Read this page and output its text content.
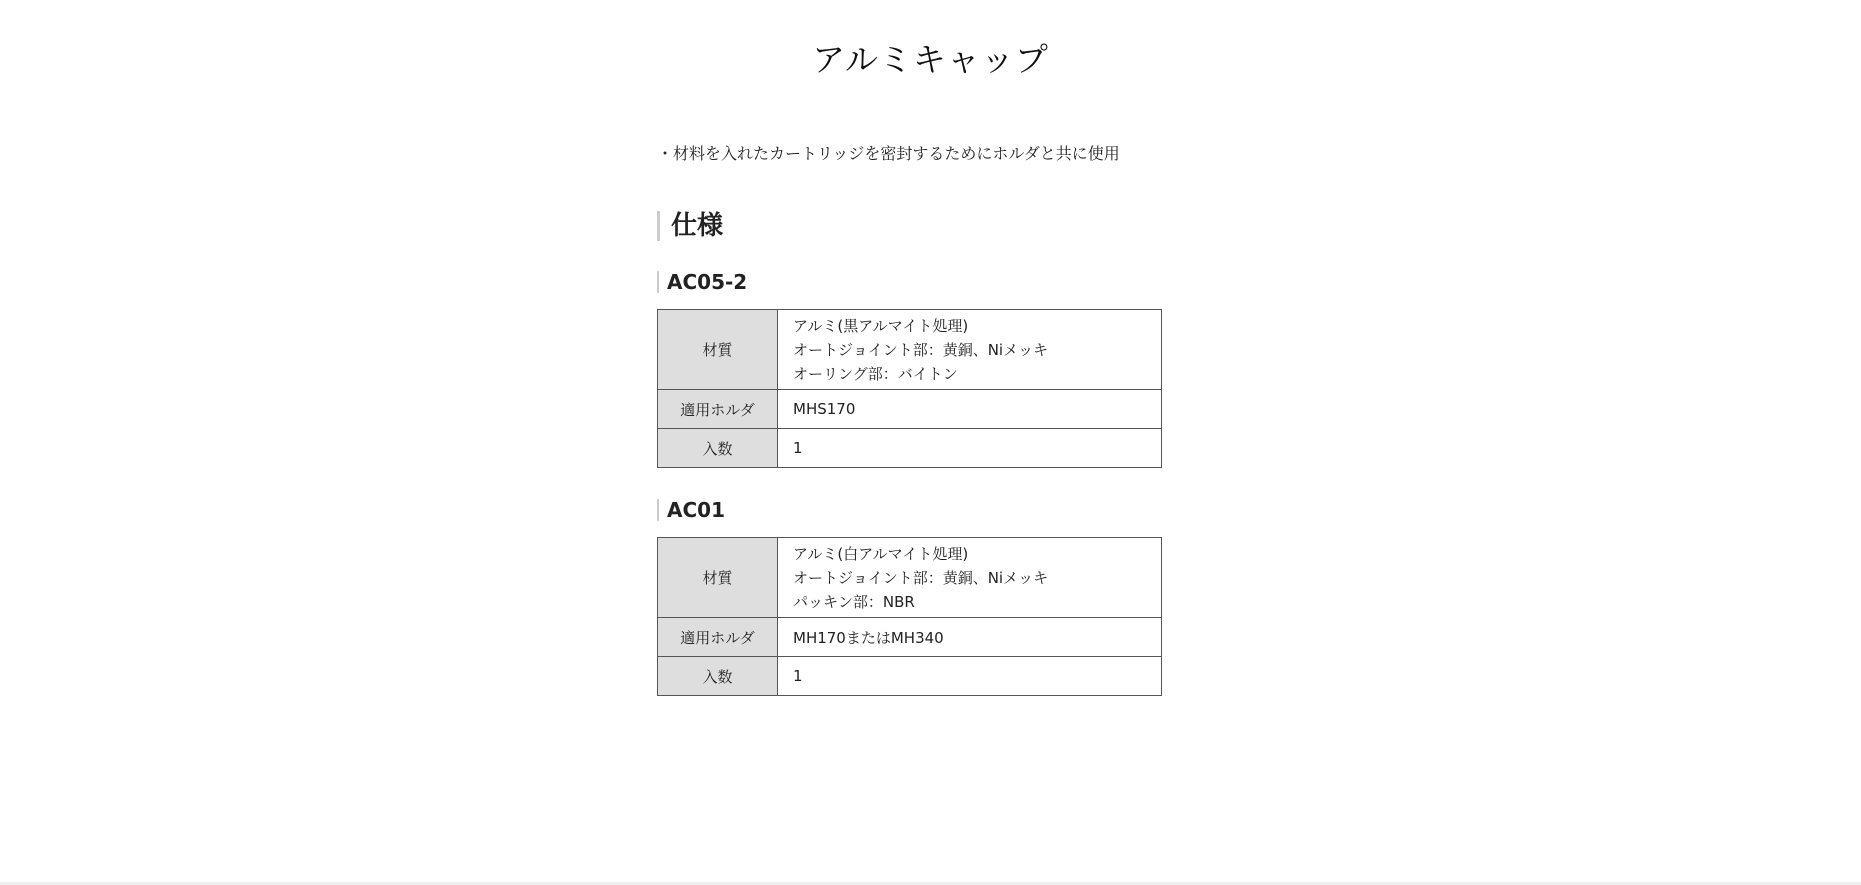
アルミキャップ

・材料を入れたカートリッジを密封するためにホルダと共に使用

仕様
AC05-2
材質	アルミ(黒アルマイト処理)
オートジョイント部：黄銅、Niメッキ
オーリング部：バイトン

適用ホルダ	MHS170
入数	1
AC01
材質	アルミ(白アルマイト処理)
オートジョイント部：黄銅、Niメッキ
パッキン部：NBR

適用ホルダ	MH170またはMH340
入数	1
